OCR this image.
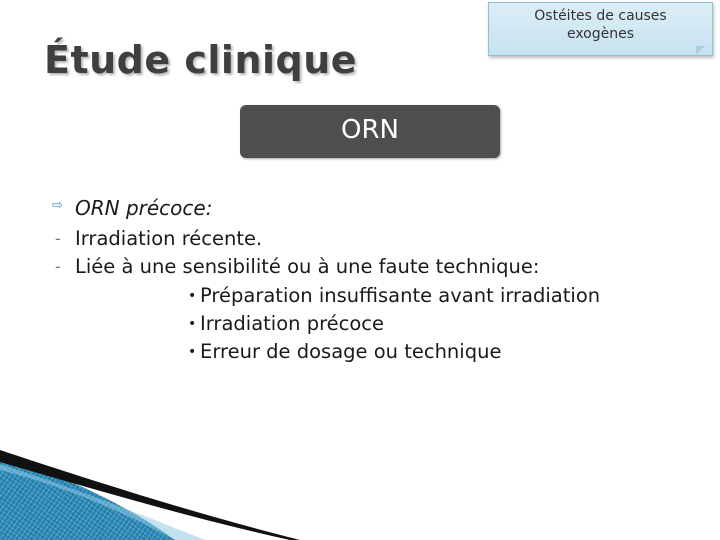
Étude clinique
Ostéites de causes
exogènes
ORN
⇨ ORN précoce:
- Irradiation récente.
- Liée à une sensibilité ou à une faute technique:
• Préparation insuffisante avant irradiation
• Irradiation précoce
• Erreur de dosage ou technique
